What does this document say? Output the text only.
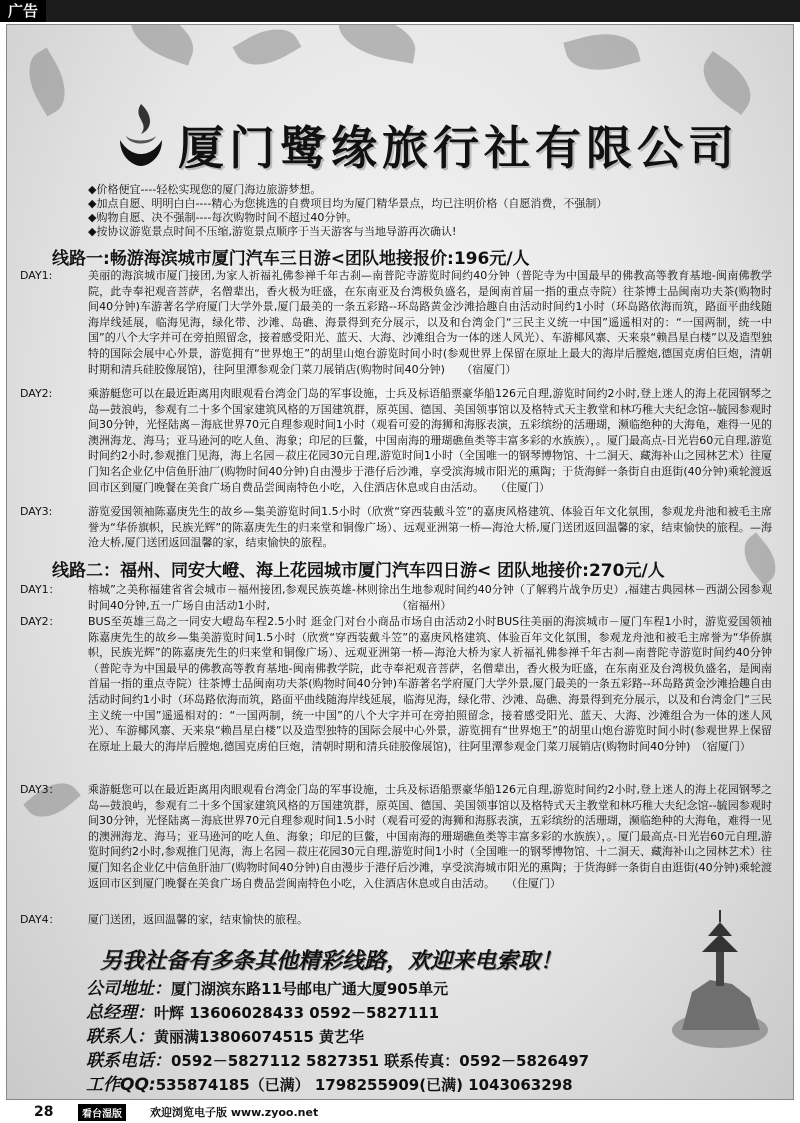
广告
厦门鹭缘旅行社有限公司
◆价格便宜----轻松实现您的厦门海边旅游梦想。
◆加点自愿、明明白白----精心为您挑选的自费项目均为厦门精华景点，均已注明价格（自愿消费，不强制）
◆购物自愿、决不强制----每次购物时间不超过40分钟。
◆按协议游览景点时间不压缩,游览景点顺序于当天游客与当地导游再次确认!
线路一:畅游海滨城市厦门汽车三日游<团队地接报价:196元/人
DAY1:	美丽的海滨城市厦门接团,为家人祈福礼佛参禅千年古刹—南普陀寺游览时间约40分钟（普陀寺为中国最早的佛教高等教育基地-闽南佛教学院，此寺奉祀观音菩萨，名僧辈出，香火极为旺盛，在东南亚及台湾极负盛名，是闽南首届一指的重点寺院）往茶博士品闽南功夫茶(购物时间40分钟)车游著名学府厦门大学外景,厦门最美的一条五彩路--环岛路黄金沙滩拾趣自由活动时间约1小时（环岛路依海而筑，路面平曲线随海岸线延展，临海见海，绿化带、沙滩、岛礁、海景得到充分展示，以及和台湾金门“三民主义统一中国”遥遥相对的：“一国两制，统一中国”的八个大字并可在旁拍照留念，接着感受阳光、蓝天、大海、沙滩组合为一体的迷人风光）、车游椰风寨、天来泉“赖昌星白楼”以及造型独特的国际会展中心外景，游览拥有“世界炮王”的胡里山炮台游览时间小时(参观世界上保留在原址上最大的海岸后膛炮,德国克虏伯巨炮，清朝时期和清兵硅胶像展馆)，往阿里潭参观金门菜刀展销店(购物时间40分钟)　　（宿厦门）
DAY2:	乘游艇您可以在最近距离用肉眼观看台湾金门岛的军事设施，士兵及标语船票豪华船126元自理,游览时间约2小时,登上迷人的海上花园钢琴之岛—鼓浪屿，参观有二十多个国家建筑风格的万国建筑群，原英国、德国、美国领事馆以及格特式天主教堂和林巧稚大夫纪念馆--毓园参观时间30分钟，光怪陆离－海底世界70元自理参观时间1小时（观看可爱的海狮和海豚表演，五彩缤纷的活珊瑚，濒临绝种的大海龟，难得一见的澳洲海龙、海马；亚马逊河的吃人鱼、海象；印尼的巨鳖，中国南海的珊瑚礁鱼类等丰富多彩的水族族），。厦门最高点-日光岩60元自理,游览时间约2小时,参观推门见海，海上名园－菽庄花园30元自理,游览时间1小时（全国唯一的钢琴博物馆、十二洞天、藏海补山之园林艺术）往厦门知名企业亿中信鱼肝油厂(购物时间40分钟)自由漫步于港仔后沙滩，享受滨海城市阳光的熏陶；于货海鲜一条街自由逛街(40分钟)乘轮渡返回市区到厦门晚餐在美食广场自费品尝闽南特色小吃，入住酒店休息或自由活动。　　（住厦门）
DAY3:	游览爱国领袖陈嘉庚先生的故乡—集美游览时间1.5小时（欣赏“穿西装戴斗笠”的嘉庚风格建筑、体验百年文化氛围，参观龙舟池和被毛主席誉为“华侨旗帜，民族光辉”的陈嘉庚先生的归来堂和铜像广场）、远观亚洲第一桥—海沧大桥,厦门送团返回温馨的家，结束愉快的旅程。—海沧大桥,厦门送团返回温馨的家，结束愉快的旅程。
线路二：福州、同安大嶝、海上花园城市厦门汽车四日游< 团队地接价:270元/人
DAY1：	榕城”之美称福建省省会城市－福州接团,参观民族英雄-林则徐出生地参观时间约40分钟（了解鸦片战争历史）,福建古典园林－西湖公园参观时间40分钟,五一广场自由活动1小时,　　　　　　　　　　　　（宿福州）
DAY2：	BUS至英雄三岛之一同安大嶝岛车程2.5小时 逛金门对台小商品市场自由活动2小时BUS往美丽的海滨城市－厦门车程1小时，游览爱国领袖陈嘉庚先生的故乡—集美游览时间1.5小时（欣赏“穿西装戴斗笠”的嘉庚风格建筑、体验百年文化氛围，参观龙舟池和被毛主席誉为“华侨旗帜，民族光辉”的陈嘉庚先生的归来堂和铜像广场）、远观亚洲第一桥—海沧大桥为家人祈福礼佛参禅千年古刹—南普陀寺游览时间约40分钟（普陀寺为中国最早的佛教高等教育基地-闽南佛教学院，此寺奉祀观音菩萨，名僧辈出，香火极为旺盛，在东南亚及台湾极负盛名，是闽南首届一指的重点寺院）往茶博士品闽南功夫茶(购物时间40分钟)车游著名学府厦门大学外景,厦门最美的一条五彩路--环岛路黄金沙滩拾趣自由活动时间约1小时（环岛路依海而筑，路面平曲线随海岸线延展，临海见海，绿化带、沙滩、岛礁、海景得到充分展示，以及和台湾金门“三民主义统一中国”遥遥相对的：“一国两制，统一中国”的八个大字并可在旁拍照留念，接着感受阳光、蓝天、大海、沙滩组合为一体的迷人风光）、车游椰风寨、天来泉“赖昌星白楼”以及造型独特的国际会展中心外景，游览拥有“世界炮王”的胡里山炮台游览时间小时(参观世界上保留在原址上最大的海岸后膛炮,德国克虏伯巨炮，清朝时期和清兵硅胶像展馆)，往阿里潭参观金门菜刀展销店(购物时间40分钟)　（宿厦门）
DAY3：	乘游艇您可以在最近距离用肉眼观看台湾金门岛的军事设施，士兵及标语船票豪华船126元自理,游览时间约2小时,登上迷人的海上花园钢琴之岛—鼓浪屿，参观有二十多个国家建筑风格的万国建筑群，原英国、德国、美国领事馆以及格特式天主教堂和林巧稚大夫纪念馆--毓园参观时间30分钟，光怪陆离－海底世界70元自理参观时间1.5小时（观看可爱的海狮和海豚表演，五彩缤纷的活珊瑚，濒临绝种的大海龟，难得一见的澳洲海龙、海马；亚马逊河的吃人鱼、海象；印尼的巨鳖，中国南海的珊瑚礁鱼类等丰富多彩的水族族），。厦门最高点-日光岩60元自理,游览时间约2小时,参观推门见海，海上名园－菽庄花园30元自理,游览时间1小时（全国唯一的钢琴博物馆、十二洞天、藏海补山之园林艺术）往厦门知名企业亿中信鱼肝油厂(购物时间40分钟)自由漫步于港仔后沙滩，享受滨海城市阳光的熏陶；于货海鲜一条街自由逛街(40分钟)乘轮渡返回市区到厦门晚餐在美食广场自费品尝闽南特色小吃，入住酒店休息或自由活动。　　（住厦门）
DAY4：	厦门送团，返回温馨的家，结束愉快的旅程。
另我社备有多条其他精彩线路，欢迎来电索取！
公司地址：厦门湖滨东路11号邮电广通大厦905单元
总经理：叶辉 13606028433 0592－5827111
联系人：黄丽满13806074515 黄艺华
联系电话：0592－5827112 5827351 联系传真：0592－5826497
工作QQ:535874185（已满） 1798255909(已满) 1043063298
28	看台湿版	欢迎浏览电子版 www.zyoo.net
